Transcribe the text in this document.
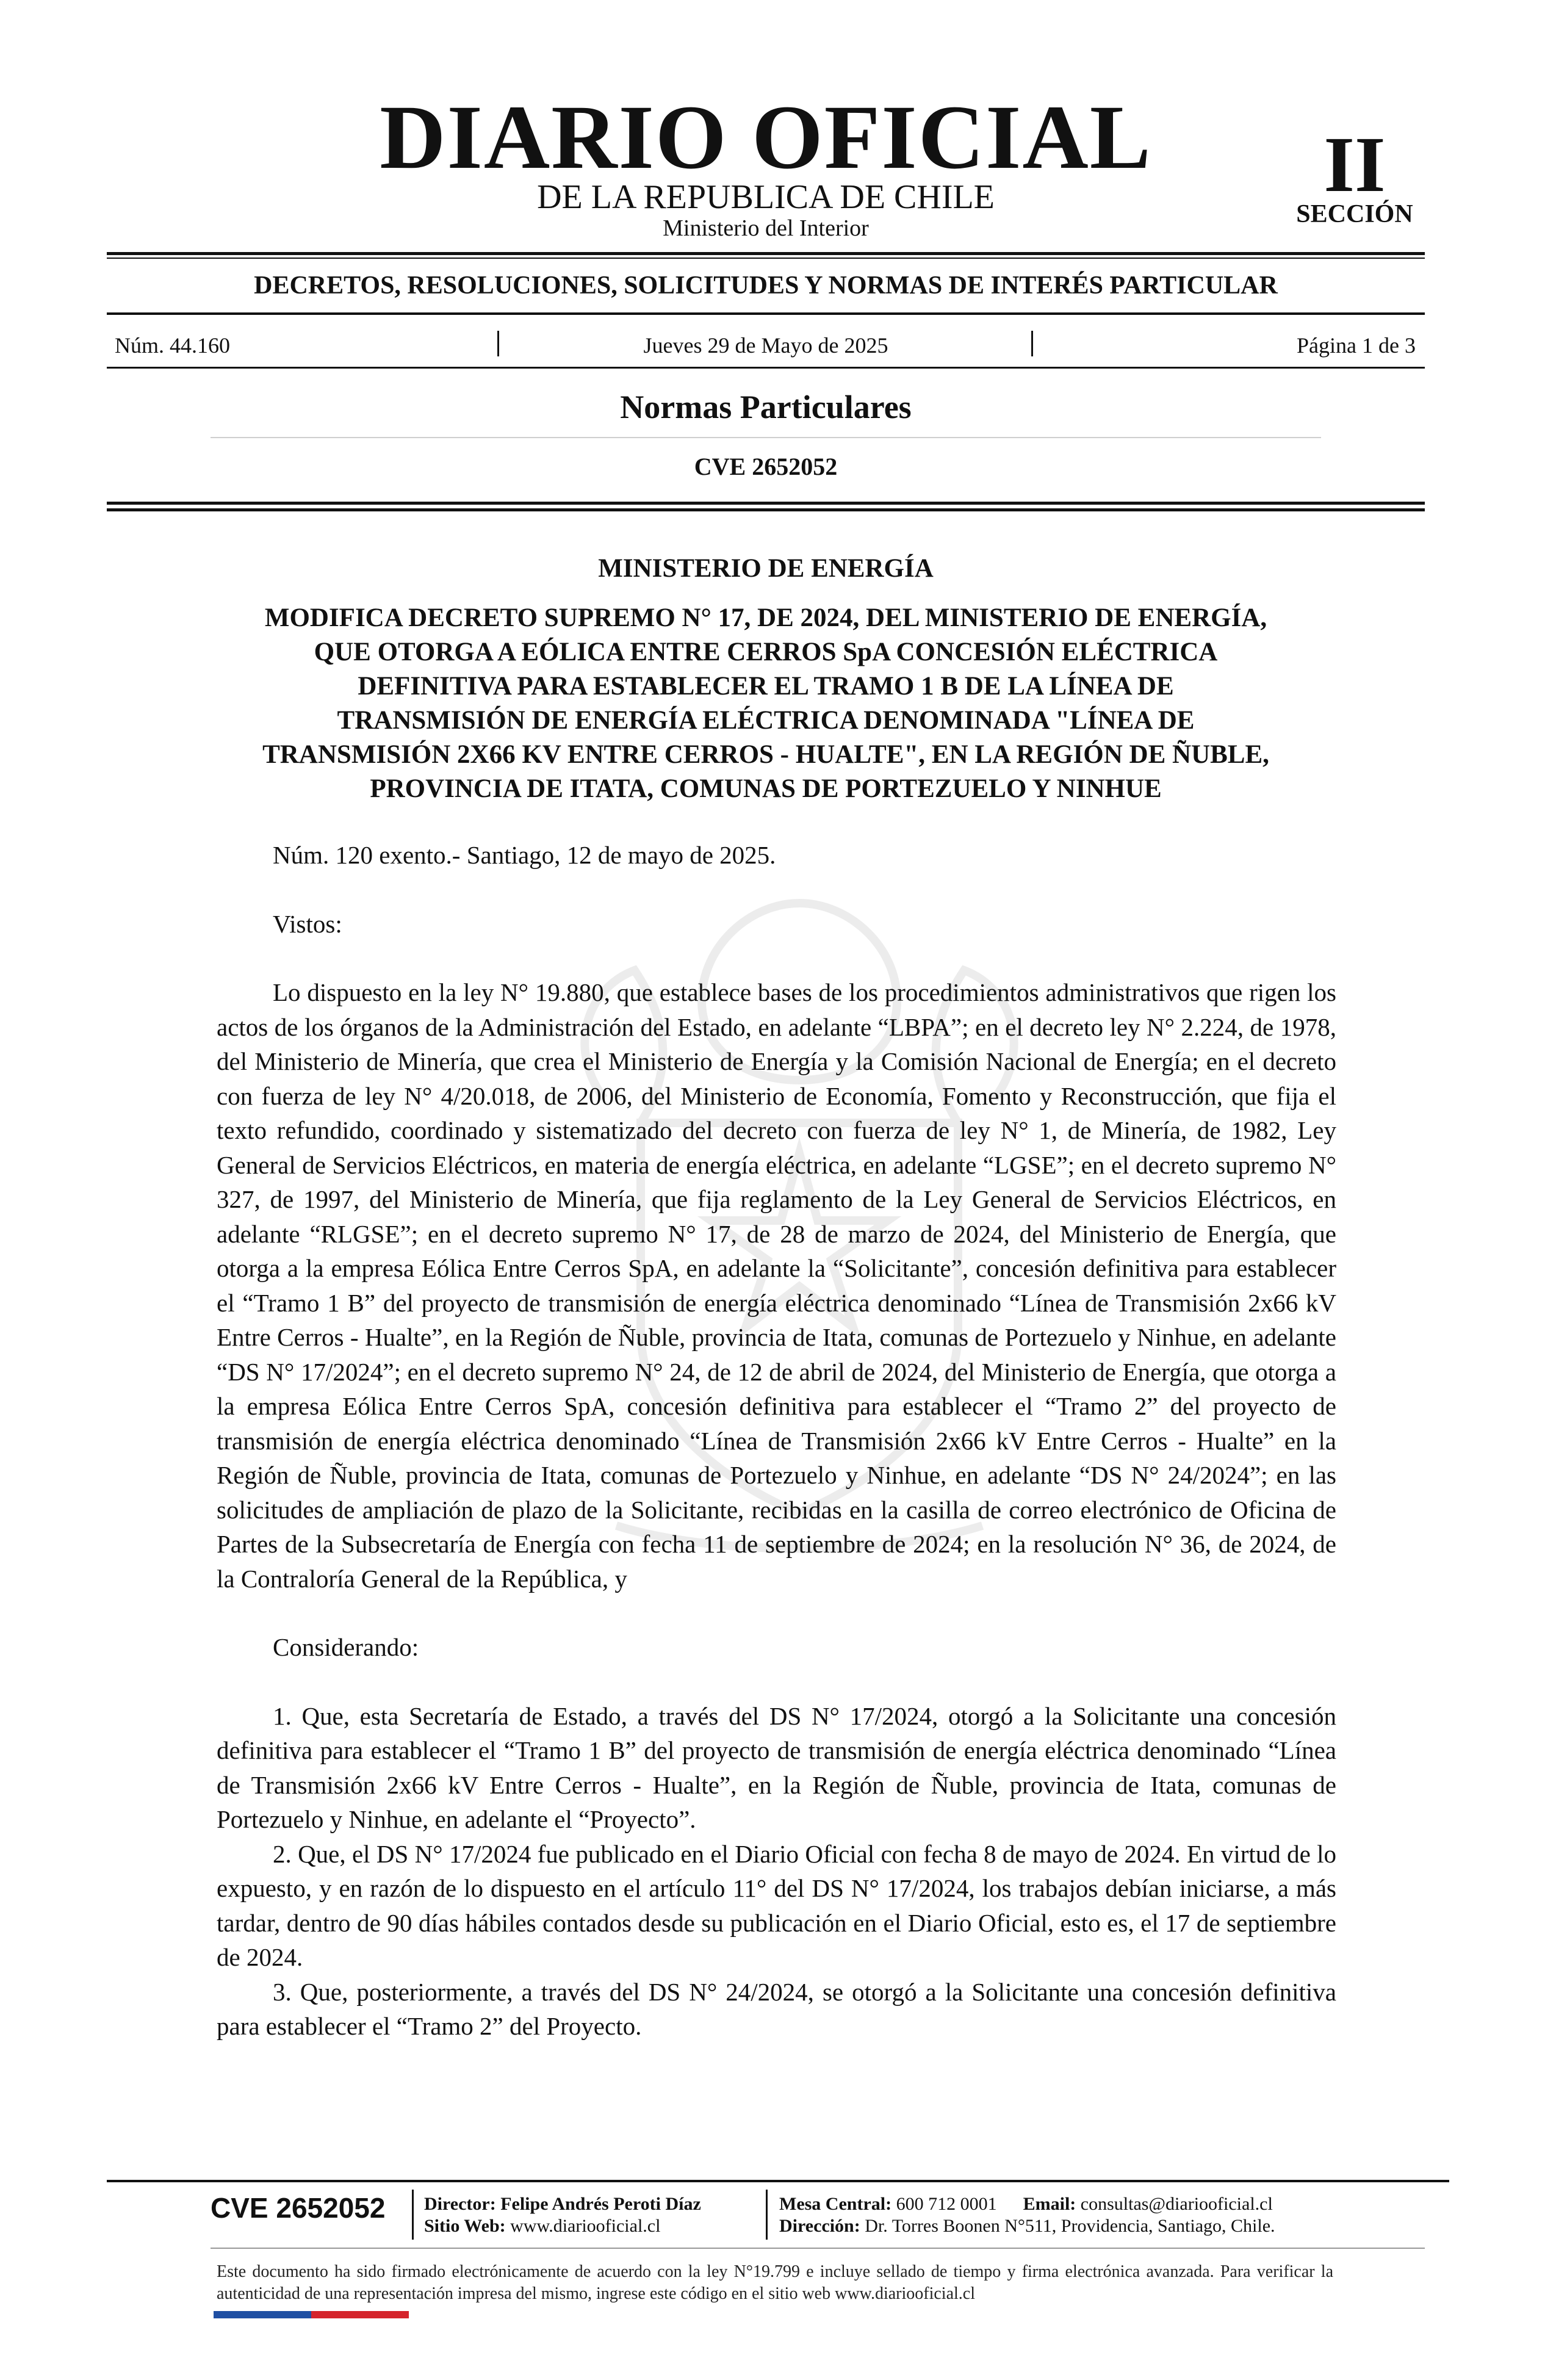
DIARIO OFICIAL
DE LA REPUBLICA DE CHILE
Ministerio del Interior
II
SECCIÓN
DECRETOS, RESOLUCIONES, SOLICITUDES Y NORMAS DE INTERÉS PARTICULAR
Núm. 44.160	Jueves 29 de Mayo de 2025	Página 1 de 3
Normas Particulares
CVE 2652052
MINISTERIO DE ENERGÍA
MODIFICA DECRETO SUPREMO N° 17, DE 2024, DEL MINISTERIO DE ENERGÍA,
QUE OTORGA A EÓLICA ENTRE CERROS SpA CONCESIÓN ELÉCTRICA
DEFINITIVA PARA ESTABLECER EL TRAMO 1 B DE LA LÍNEA DE
TRANSMISIÓN DE ENERGÍA ELÉCTRICA DENOMINADA "LÍNEA DE
TRANSMISIÓN 2X66 KV ENTRE CERROS - HUALTE", EN LA REGIÓN DE ÑUBLE,
PROVINCIA DE ITATA, COMUNAS DE PORTEZUELO Y NINHUE

Núm. 120 exento.- Santiago, 12 de mayo de 2025.

Vistos:

Lo dispuesto en la ley N° 19.880, que establece bases de los procedimientos administrativos que rigen los actos de los órganos de la Administración del Estado, en adelante “LBPA”; en el decreto ley N° 2.224, de 1978, del Ministerio de Minería, que crea el Ministerio de Energía y la Comisión Nacional de Energía; en el decreto con fuerza de ley N° 4/20.018, de 2006, del Ministerio de Economía, Fomento y Reconstrucción, que fija el texto refundido, coordinado y sistematizado del decreto con fuerza de ley N° 1, de Minería, de 1982, Ley General de Servicios Eléctricos, en materia de energía eléctrica, en adelante “LGSE”; en el decreto supremo N° 327, de 1997, del Ministerio de Minería, que fija reglamento de la Ley General de Servicios Eléctricos, en adelante “RLGSE”; en el decreto supremo N° 17, de 28 de marzo de 2024, del Ministerio de Energía, que otorga a la empresa Eólica Entre Cerros SpA, en adelante la “Solicitante”, concesión definitiva para establecer el “Tramo 1 B” del proyecto de transmisión de energía eléctrica denominado “Línea de Transmisión 2x66 kV Entre Cerros - Hualte”, en la Región de Ñuble, provincia de Itata, comunas de Portezuelo y Ninhue, en adelante “DS N° 17/2024”; en el decreto supremo N° 24, de 12 de abril de 2024, del Ministerio de Energía, que otorga a la empresa Eólica Entre Cerros SpA, concesión definitiva para establecer el “Tramo 2” del proyecto de transmisión de energía eléctrica denominado “Línea de Transmisión 2x66 kV Entre Cerros - Hualte” en la Región de Ñuble, provincia de Itata, comunas de Portezuelo y Ninhue, en adelante “DS N° 24/2024”; en las solicitudes de ampliación de plazo de la Solicitante, recibidas en la casilla de correo electrónico de Oficina de Partes de la Subsecretaría de Energía con fecha 11 de septiembre de 2024; en la resolución N° 36, de 2024, de la Contraloría General de la República, y

Considerando:

1. Que, esta Secretaría de Estado, a través del DS N° 17/2024, otorgó a la Solicitante una concesión definitiva para establecer el “Tramo 1 B” del proyecto de transmisión de energía eléctrica denominado “Línea de Transmisión 2x66 kV Entre Cerros - Hualte”, en la Región de Ñuble, provincia de Itata, comunas de Portezuelo y Ninhue, en adelante el “Proyecto”.

2. Que, el DS N° 17/2024 fue publicado en el Diario Oficial con fecha 8 de mayo de 2024. En virtud de lo expuesto, y en razón de lo dispuesto en el artículo 11° del DS N° 17/2024, los trabajos debían iniciarse, a más tardar, dentro de 90 días hábiles contados desde su publicación en el Diario Oficial, esto es, el 17 de septiembre de 2024.

3. Que, posteriormente, a través del DS N° 24/2024, se otorgó a la Solicitante una concesión definitiva para establecer el “Tramo 2” del Proyecto.

CVE 2652052 Director: Felipe Andrés Peroti Díaz
Sitio Web: www.diariooficial.cl
Mesa Central: 600 712 0001 Email: consultas@diariooficial.cl
Dirección: Dr. Torres Boonen N°511, Providencia, Santiago, Chile.
Este documento ha sido firmado electrónicamente de acuerdo con la ley N°19.799 e incluye sellado de tiempo y firma electrónica avanzada. Para verificar la autenticidad de una representación impresa del mismo, ingrese este código en el sitio web www.diariooficial.cl
